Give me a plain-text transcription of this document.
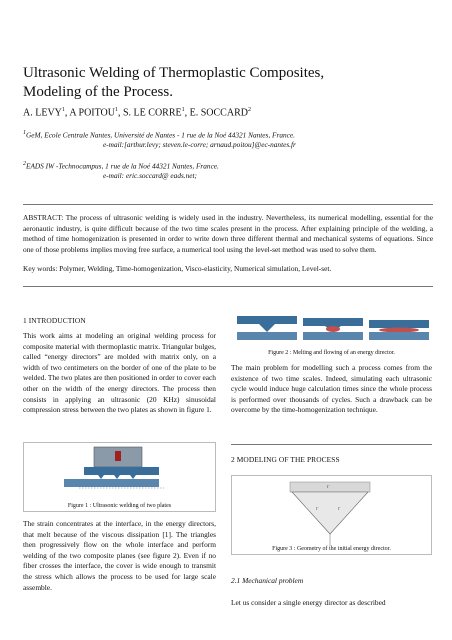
Ultrasonic Welding of Thermoplastic Composites,
Modeling of the Process.
A. LEVY$^1$, A POITOU$^1$, S. LE CORRE$^1$, E. SOCCARD$^2$
$^1$GeM, Ecole Centrale Nantes, Université de Nantes - 1 rue de la Noé 44321 Nantes, France.
e-mail:[arthur.levy; steven.le-corre; arnaud.poitou]@ec-nantes.fr
$^2$EADS IW -Technocampus, 1 rue de la Noé 44321 Nantes, France.
e-mail: eric.soccard@ eads.net;
ABSTRACT: The process of ultrasonic welding is widely used in the industry. Nevertheless, its numerical modelling, essential for the aeronautic industry, is quite difficult because of the two time scales present in the process. After explaining principle of the welding, a method of time homogenization is presented in order to write down three different thermal and mechanical systems of equations. Since one of those problems implies moving free surface, a numerical tool using the level-set method was used to solve them.
Key words: Polymer, Welding, Time-homogenization, Visco-elasticity, Numerical simulation, Level-set.
1 INTRODUCTION
This work aims at modeling an original welding process for composite material with thermoplastic matrix. Triangular bulges, called “energy directors” are molded with matrix only, on a width of two centimeters on the border of one of the plate to be welded. The two plates are then positioned in order to cover each other on the width of the energy directors. The process then consists in applying an ultrasonic (20 KHz) sinusoidal compression stress between the two plates as shown in figure 1.
Figure 1 : Ultrasonic welding of two plates
The strain concentrates at the interface, in the energy directors, that melt because of the viscous dissipation [1]. The triangles then progressively flow on the whole interface and perform welding of the two composite planes (see figure 2). Even if no fiber crosses the interface, the cover is wide enough to transmit the stress which allows the process to be used for large scale assemble.
Figure 2 : Melting and flowing of an energy director.
The main problem for modelling such a process comes from the existence of two time scales. Indeed, simulating each ultrasonic cycle would induce huge calculation times since the whole process is performed over thousands of cycles. Such a drawback can be overcome by the time-homogenization technique.
2 MODELING OF THE PROCESS
Γ	Γ
Γ
Figure 3 : Geometry of the initial energy director.
2.1 Mechanical problem
Let us consider a single energy director as described
